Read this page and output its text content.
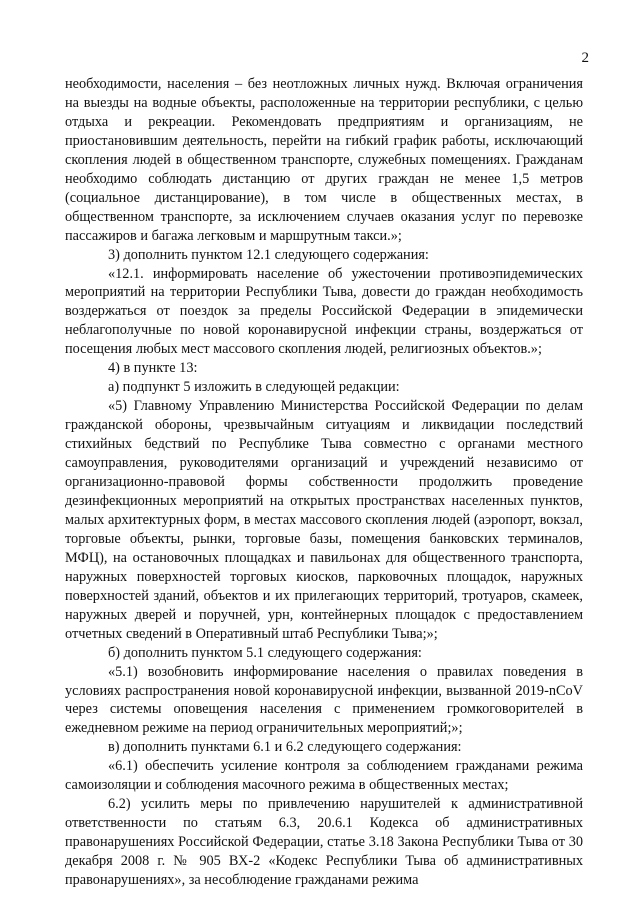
2

необходимости, населения – без неотложных личных нужд. Включая ограничения на выезды на водные объекты, расположенные на территории республики, с целью отдыха и рекреации. Рекомендовать предприятиям и организациям, не приостановившим деятельность, перейти на гибкий график работы, исключающий скопления людей в общественном транспорте, служебных помещениях. Гражданам необходимо соблюдать дистанцию от других граждан не менее 1,5 метров (социальное дистанцирование), в том числе в общественных местах, в общественном транспорте, за исключением случаев оказания услуг по перевозке пассажиров и багажа легковым и маршрутным такси.»;

3) дополнить пунктом 12.1 следующего содержания:

«12.1. информировать население об ужесточении противоэпидемических мероприятий на территории Республики Тыва, довести до граждан необходимость воздержаться от поездок за пределы Российской Федерации в эпидемически неблагополучные по новой коронавирусной инфекции страны, воздержаться от посещения любых мест массового скопления людей, религиозных объектов.»;

4) в пункте 13:

а) подпункт 5 изложить в следующей редакции:

«5) Главному Управлению Министерства Российской Федерации по делам гражданской обороны, чрезвычайным ситуациям и ликвидации последствий стихийных бедствий по Республике Тыва совместно с органами местного самоуправления, руководителями организаций и учреждений независимо от организационно-правовой формы собственности продолжить проведение дезинфекционных мероприятий на открытых пространствах населенных пунктов, малых архитектурных форм, в местах массового скопления людей (аэропорт, вокзал, торговые объекты, рынки, торговые базы, помещения банковских терминалов, МФЦ), на остановочных площадках и павильонах для общественного транспорта, наружных поверхностей торговых киосков, парковочных площадок, наружных поверхностей зданий, объектов и их прилегающих территорий, тротуаров, скамеек, наружных дверей и поручней, урн, контейнерных площадок с предоставлением отчетных сведений в Оперативный штаб Республики Тыва;»;

б) дополнить пунктом 5.1 следующего содержания:

«5.1) возобновить информирование населения о правилах поведения в условиях распространения новой коронавирусной инфекции, вызванной 2019-nCoV через системы оповещения населения с применением громкоговорителей в ежедневном режиме на период ограничительных мероприятий;»;

в) дополнить пунктами 6.1 и 6.2 следующего содержания:

«6.1) обеспечить усиление контроля за соблюдением гражданами режима самоизоляции и соблюдения масочного режима в общественных местах;

6.2) усилить меры по привлечению нарушителей к административной ответственности по статьям 6.3, 20.6.1 Кодекса об административных правонарушениях Российской Федерации, статье 3.18 Закона Республики Тыва от 30 декабря 2008 г. № 905 ВХ-2 «Кодекс Республики Тыва об административных правонарушениях», за несоблюдение гражданами режима
